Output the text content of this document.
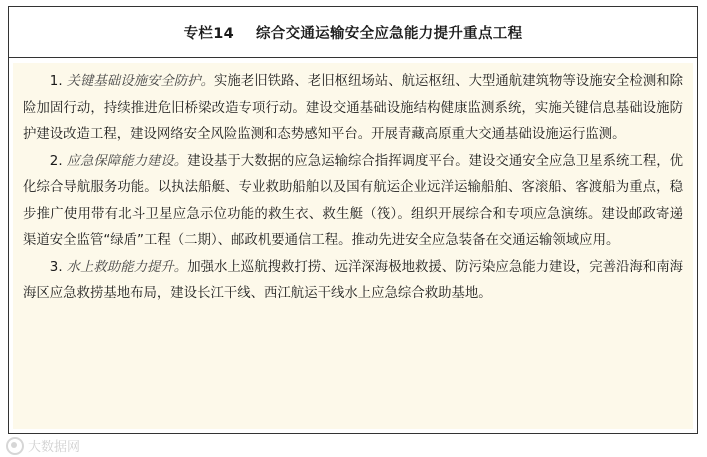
专栏14 综合交通运输安全应急能力提升重点工程

1. 关键基础设施安全防护。实施老旧铁路、老旧枢纽场站、航运枢纽、大型通航建筑物等设施安全检测和除险加固行动，持续推进危旧桥梁改造专项行动。建设交通基础设施结构健康监测系统，实施关键信息基础设施防护建设改造工程，建设网络安全风险监测和态势感知平台。开展青藏高原重大交通基础设施运行监测。

2. 应急保障能力建设。建设基于大数据的应急运输综合指挥调度平台。建设交通安全应急卫星系统工程，优化综合导航服务功能。以执法船艇、专业救助船舶以及国有航运企业远洋运输船舶、客滚船、客渡船为重点，稳步推广使用带有北斗卫星应急示位功能的救生衣、救生艇（筏）。组织开展综合和专项应急演练。建设邮政寄递渠道安全监管“绿盾”工程（二期）、邮政机要通信工程。推动先进安全应急装备在交通运输领域应用。

3. 水上救助能力提升。加强水上巡航搜救打捞、远洋深海极地救援、防污染应急能力建设，完善沿海和南海海区应急救捞基地布局，建设长江干线、西江航运干线水上应急综合救助基地。

大数据网
